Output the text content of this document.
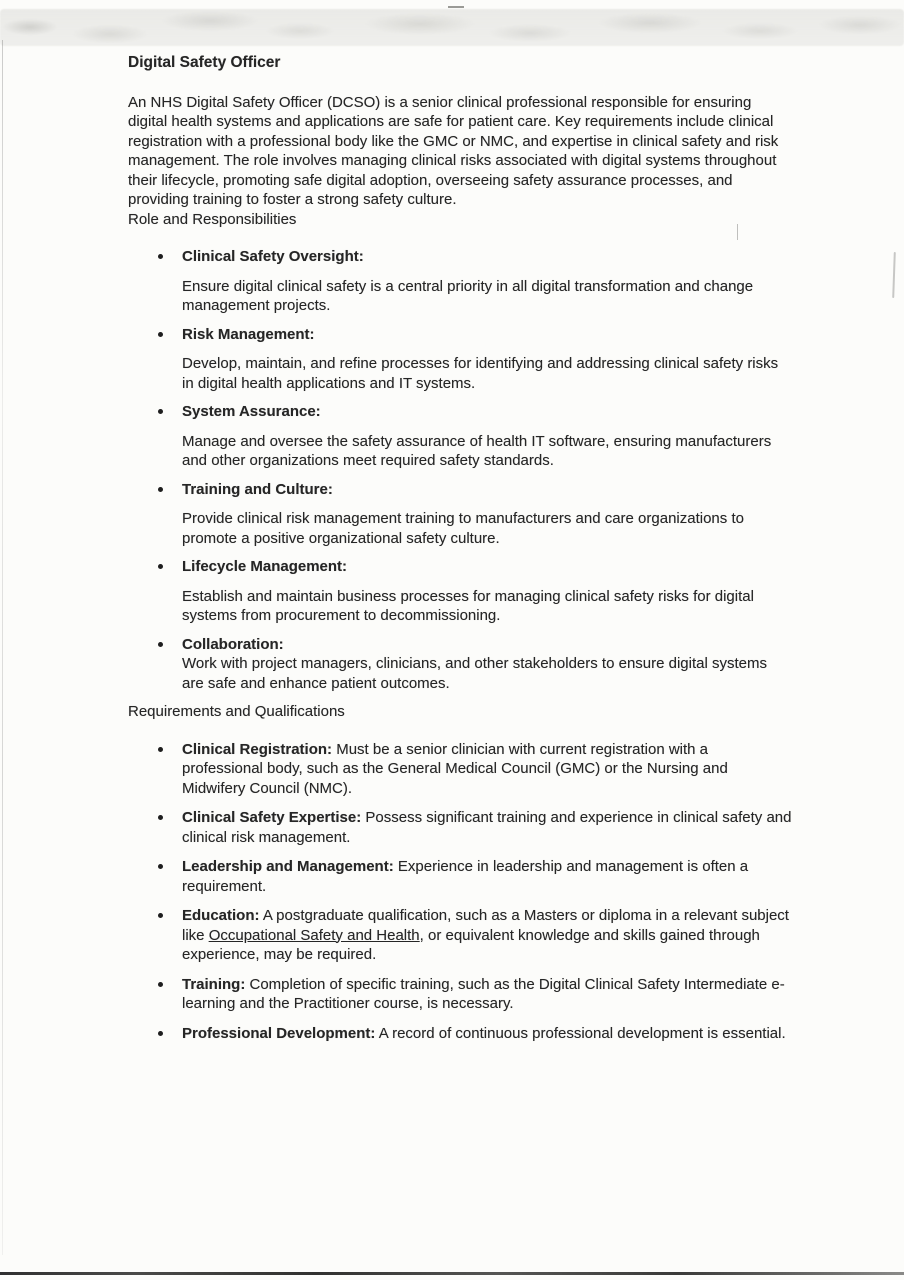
Digital Safety Officer

An NHS Digital Safety Officer (DCSO) is a senior clinical professional responsible for ensuring digital health systems and applications are safe for patient care. Key requirements include clinical registration with a professional body like the GMC or NMC, and expertise in clinical safety and risk management. The role involves managing clinical risks associated with digital systems throughout their lifecycle, promoting safe digital adoption, overseeing safety assurance processes, and providing training to foster a strong safety culture.

Role and Responsibilities

Clinical Safety Oversight:

Ensure digital clinical safety is a central priority in all digital transformation and change management projects.

Risk Management:

Develop, maintain, and refine processes for identifying and addressing clinical safety risks in digital health applications and IT systems.

System Assurance:

Manage and oversee the safety assurance of health IT software, ensuring manufacturers and other organizations meet required safety standards.

Training and Culture:

Provide clinical risk management training to manufacturers and care organizations to promote a positive organizational safety culture.

Lifecycle Management:

Establish and maintain business processes for managing clinical safety risks for digital systems from procurement to decommissioning.

Collaboration:

Work with project managers, clinicians, and other stakeholders to ensure digital systems are safe and enhance patient outcomes.

Requirements and Qualifications

Clinical Registration: Must be a senior clinician with current registration with a professional body, such as the General Medical Council (GMC) or the Nursing and Midwifery Council (NMC).
Clinical Safety Expertise: Possess significant training and experience in clinical safety and clinical risk management.
Leadership and Management: Experience in leadership and management is often a requirement.
Education: A postgraduate qualification, such as a Masters or diploma in a relevant subject like Occupational Safety and Health, or equivalent knowledge and skills gained through experience, may be required.
Training: Completion of specific training, such as the Digital Clinical Safety Intermediate e-learning and the Practitioner course, is necessary.
Professional Development: A record of continuous professional development is essential.
